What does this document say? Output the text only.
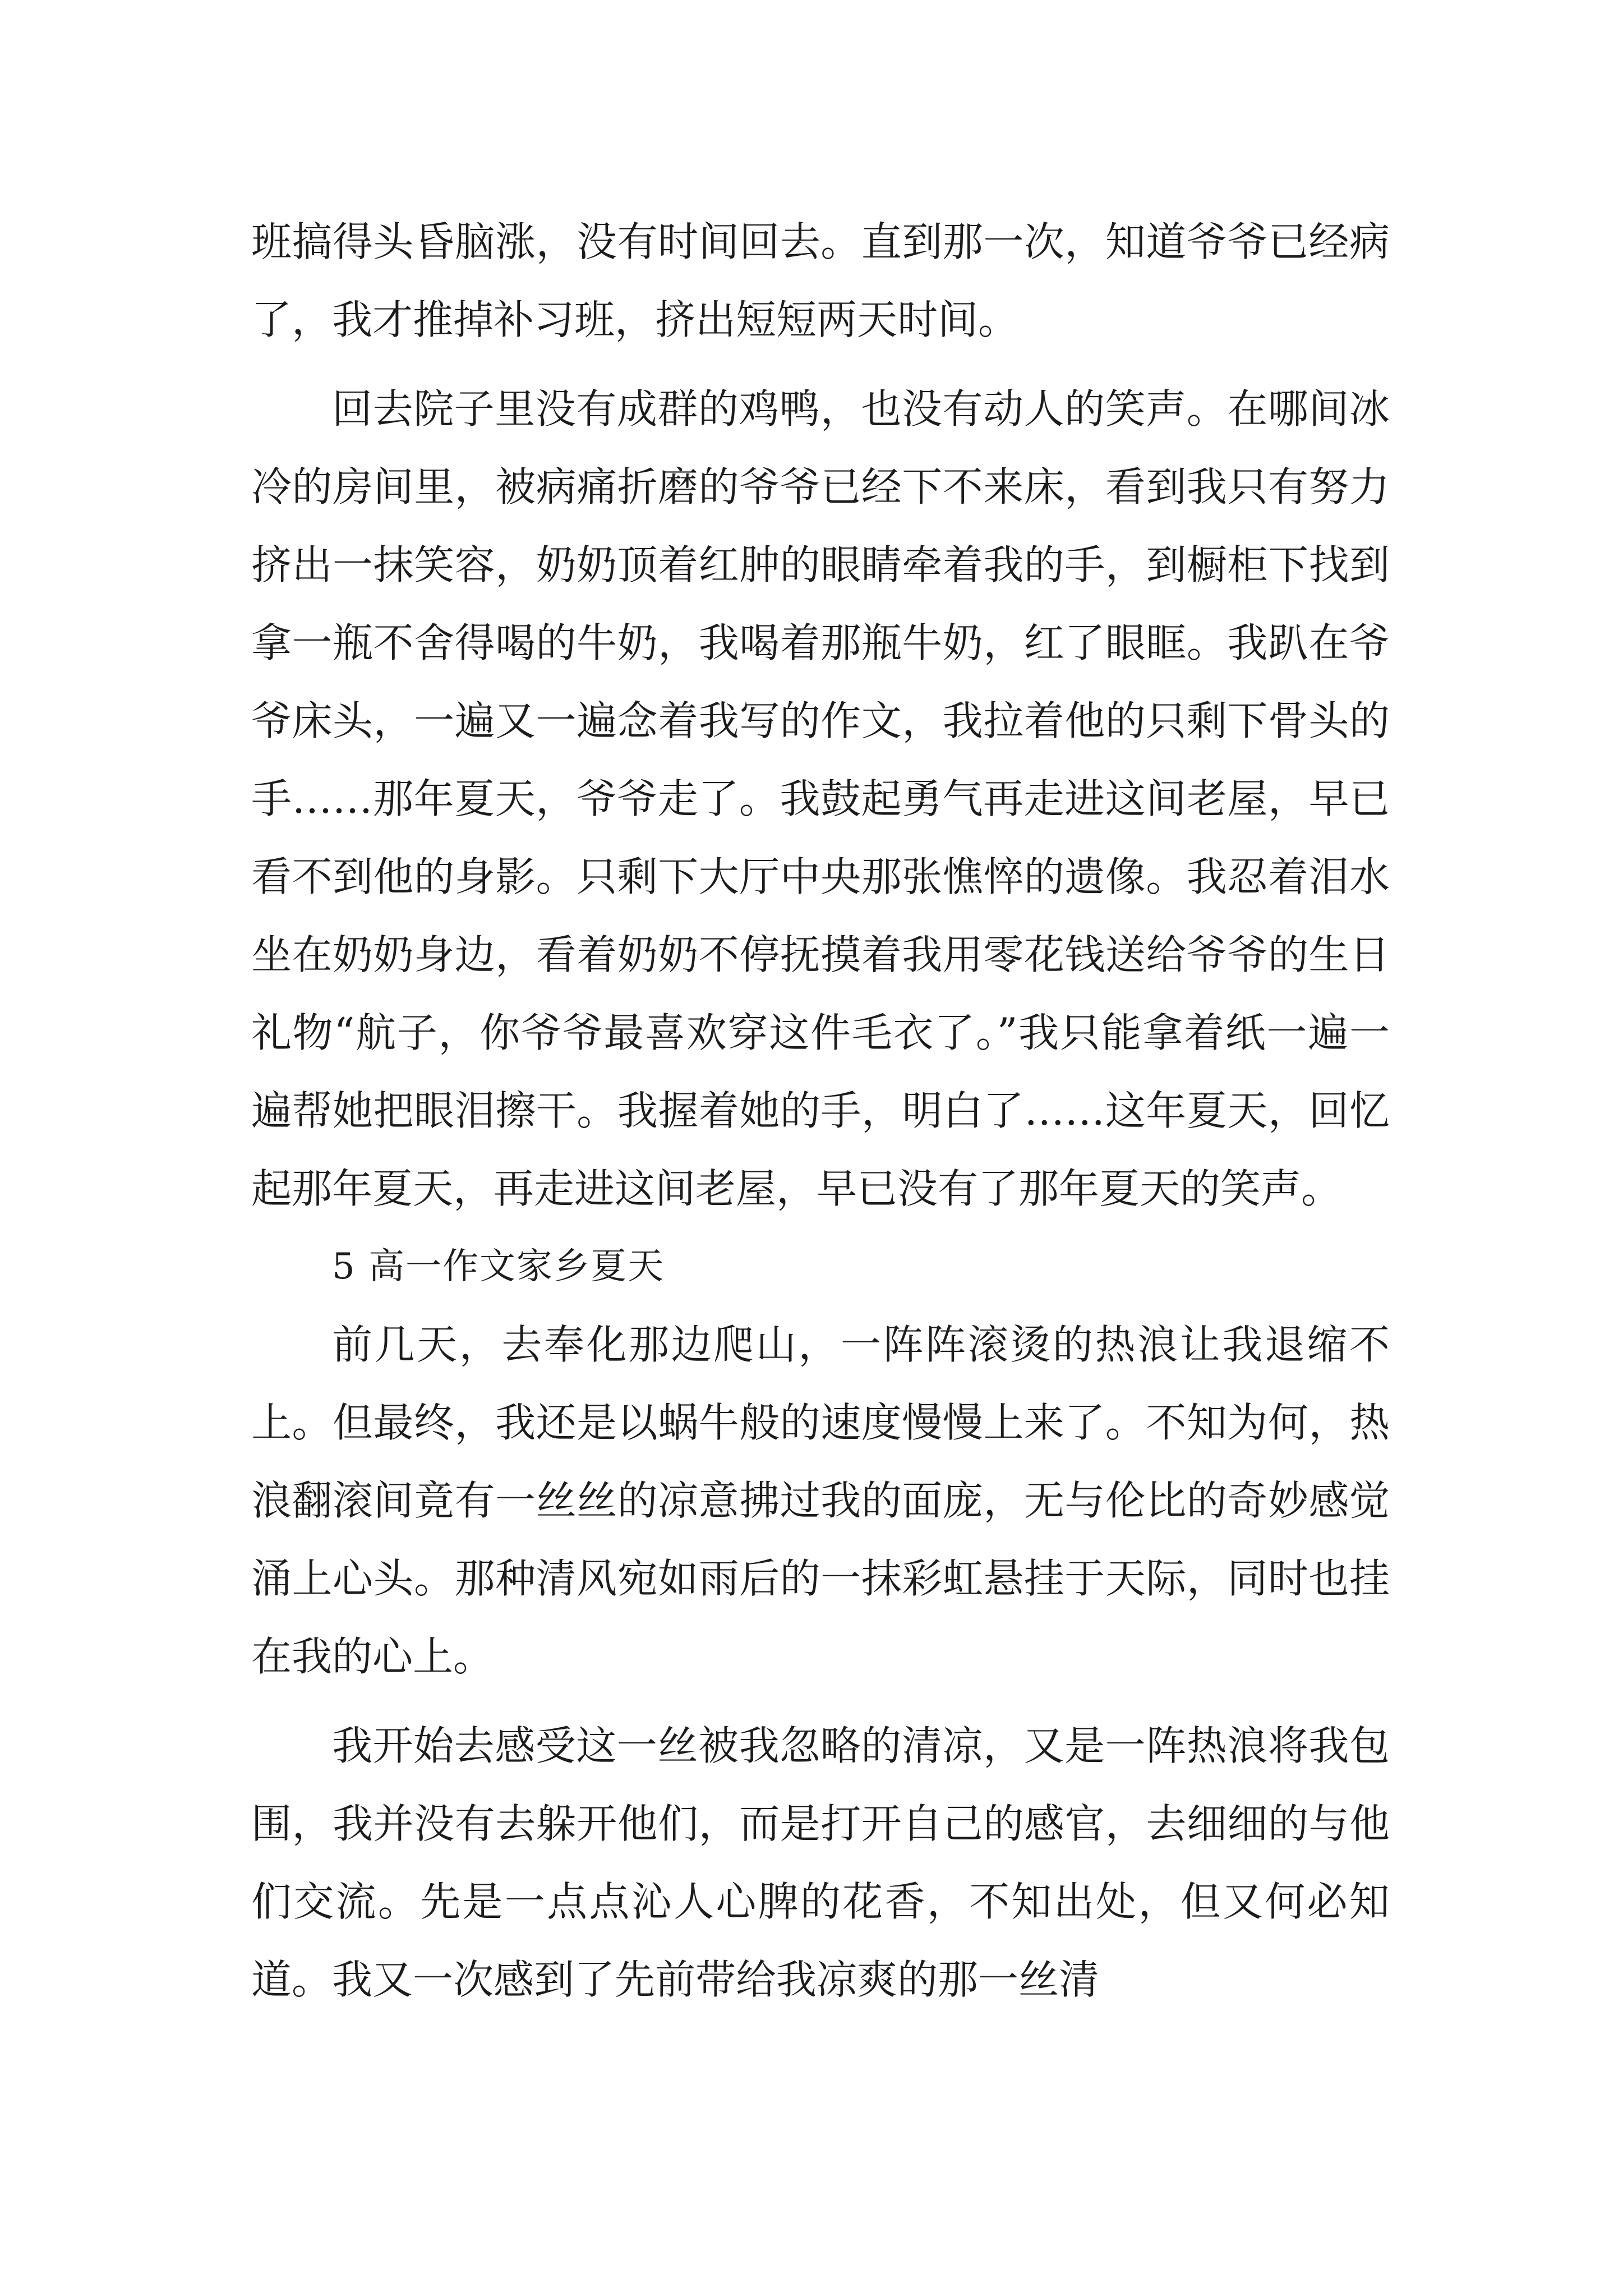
班搞得头昏脑涨，没有时间回去。直到那一次，知道爷爷已经病了，我才推掉补习班，挤出短短两天时间。

回去院子里没有成群的鸡鸭，也没有动人的笑声。在哪间冰冷的房间里，被病痛折磨的爷爷已经下不来床，看到我只有努力挤出一抹笑容，奶奶顶着红肿的眼睛牵着我的手，到橱柜下找到拿一瓶不舍得喝的牛奶，我喝着那瓶牛奶，红了眼眶。我趴在爷爷床头，一遍又一遍念着我写的作文，我拉着他的只剩下骨头的手……那年夏天，爷爷走了。我鼓起勇气再走进这间老屋，早已看不到他的身影。只剩下大厅中央那张憔悴的遗像。我忍着泪水坐在奶奶身边，看着奶奶不停抚摸着我用零花钱送给爷爷的生日礼物“航子，你爷爷最喜欢穿这件毛衣了。”我只能拿着纸一遍一遍帮她把眼泪擦干。我握着她的手，明白了……这年夏天，回忆起那年夏天，再走进这间老屋，早已没有了那年夏天的笑声。

5 高一作文家乡夏天

前几天，去奉化那边爬山，一阵阵滚烫的热浪让我退缩不上。但最终，我还是以蜗牛般的速度慢慢上来了。不知为何，热浪翻滚间竟有一丝丝的凉意拂过我的面庞，无与伦比的奇妙感觉涌上心头。那种清风宛如雨后的一抹彩虹悬挂于天际，同时也挂在我的心上。

我开始去感受这一丝被我忽略的清凉，又是一阵热浪将我包围，我并没有去躲开他们，而是打开自己的感官，去细细的与他们交流。先是一点点沁人心脾的花香，不知出处，但又何必知道。我又一次感到了先前带给我凉爽的那一丝清
